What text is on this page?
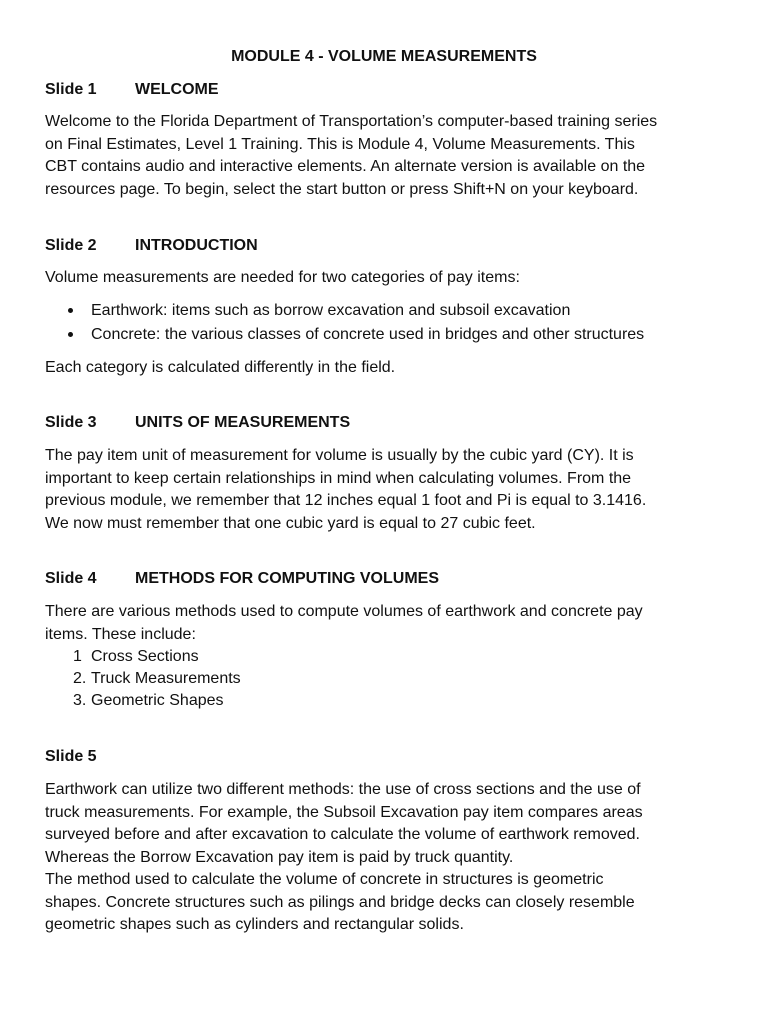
MODULE 4 - VOLUME MEASUREMENTS
Slide 1 WELCOME
Welcome to the Florida Department of Transportation’s computer-based training series
on Final Estimates, Level 1 Training. This is Module 4, Volume Measurements. This
CBT contains audio and interactive elements. An alternate version is available on the
resources page. To begin, select the start button or press Shift+N on your keyboard.
Slide 2 INTRODUCTION
Volume measurements are needed for two categories of pay items:
Earthwork: items such as borrow excavation and subsoil excavation
Concrete: the various classes of concrete used in bridges and other structures
Each category is calculated differently in the field.
Slide 3 UNITS OF MEASUREMENTS
The pay item unit of measurement for volume is usually by the cubic yard (CY). It is
important to keep certain relationships in mind when calculating volumes. From the
previous module, we remember that 12 inches equal 1 foot and Pi is equal to 3.1416.
We now must remember that one cubic yard is equal to 27 cubic feet.
Slide 4 METHODS FOR COMPUTING VOLUMES
There are various methods used to compute volumes of earthwork and concrete pay
items. These include:
1 Cross Sections
2. Truck Measurements
3. Geometric Shapes
Slide 5
Earthwork can utilize two different methods: the use of cross sections and the use of
truck measurements. For example, the Subsoil Excavation pay item compares areas
surveyed before and after excavation to calculate the volume of earthwork removed.
Whereas the Borrow Excavation pay item is paid by truck quantity.
The method used to calculate the volume of concrete in structures is geometric
shapes. Concrete structures such as pilings and bridge decks can closely resemble
geometric shapes such as cylinders and rectangular solids.
